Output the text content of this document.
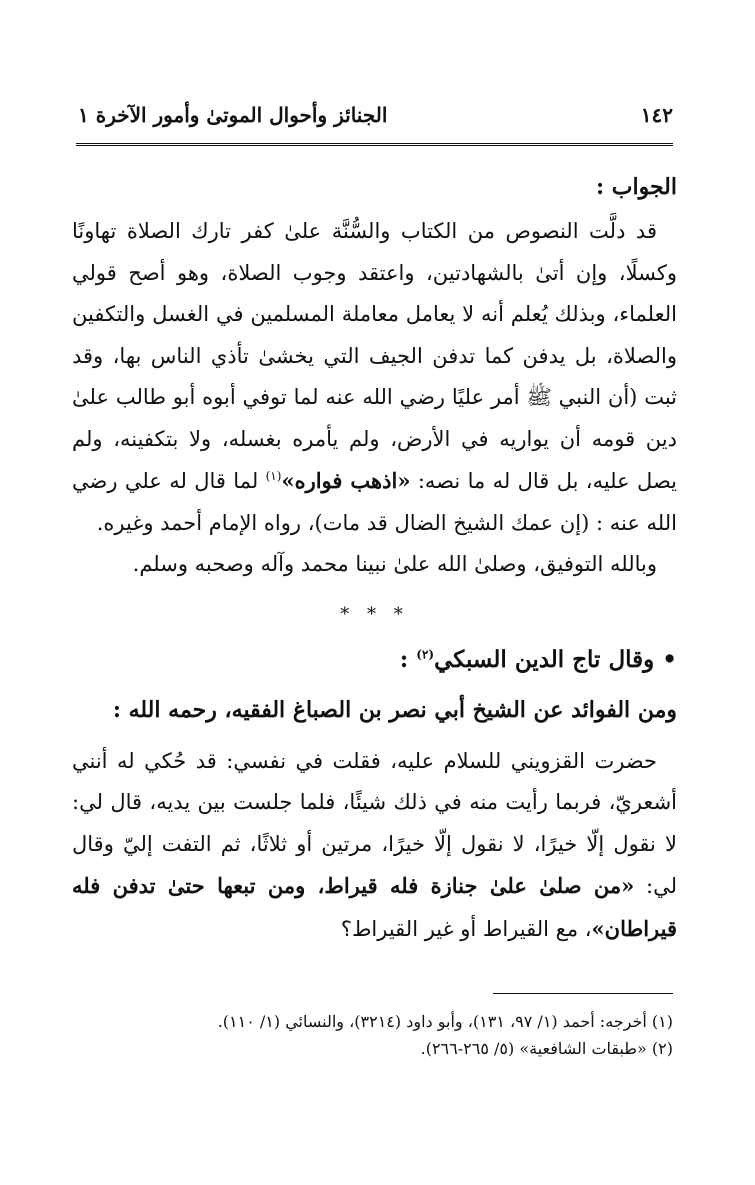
١٤٢
الجنائز وأحوال الموتىٰ وأمور الآخرة ١

الجواب :

قد دلَّت النصوص من الكتاب والسُّنَّة علىٰ كفر تارك الصلاة تهاونًا وكسلًا، وإن أتىٰ بالشهادتين، واعتقد وجوب الصلاة، وهو أصح قولي العلماء، وبذلك يُعلم أنه لا يعامل معاملة المسلمين في الغسل والتكفين والصلاة، بل يدفن كما تدفن الجيف التي يخشىٰ تأذي الناس بها، وقد ثبت (أن النبي ﷺ أمر عليًا رضي الله عنه لما توفي أبوه أبو طالب علىٰ دين قومه أن يواريه في الأرض، ولم يأمره بغسله، ولا بتكفينه، ولم يصل عليه، بل قال له ما نصه: «اذهب فواره»$^{(١)}$ لما قال له علي رضي الله عنه : (إن عمك الشيخ الضال قد مات)، رواه الإمام أحمد وغيره.

وبالله التوفيق، وصلىٰ الله علىٰ نبينا محمد وآله وصحبه وسلم.

* * *

• وقال تاج الدين السبكي$^{(٢)}$ :

ومن الفوائد عن الشيخ أبي نصر بن الصباغ الفقيه، رحمه الله :

حضرت القزويني للسلام عليه، فقلت في نفسي: قد حُكي له أنني أشعريّ، فربما رأيت منه في ذلك شيئًا، فلما جلست بين يديه، قال لي: لا نقول إلّا خيرًا، لا نقول إلّا خيرًا، مرتين أو ثلاثًا، ثم التفت إليّ وقال لي: «من صلىٰ علىٰ جنازة فله قيراط، ومن تبعها حتىٰ تدفن فله قيراطان»، مع القيراط أو غير القيراط؟

(١) أخرجه: أحمد (١/ ٩٧، ١٣١)، وأبو داود (٣٢١٤)، والنسائي (١/ ١١٠).

(٢) «طبقات الشافعية» (٥/ ٢٦٥-٢٦٦).
